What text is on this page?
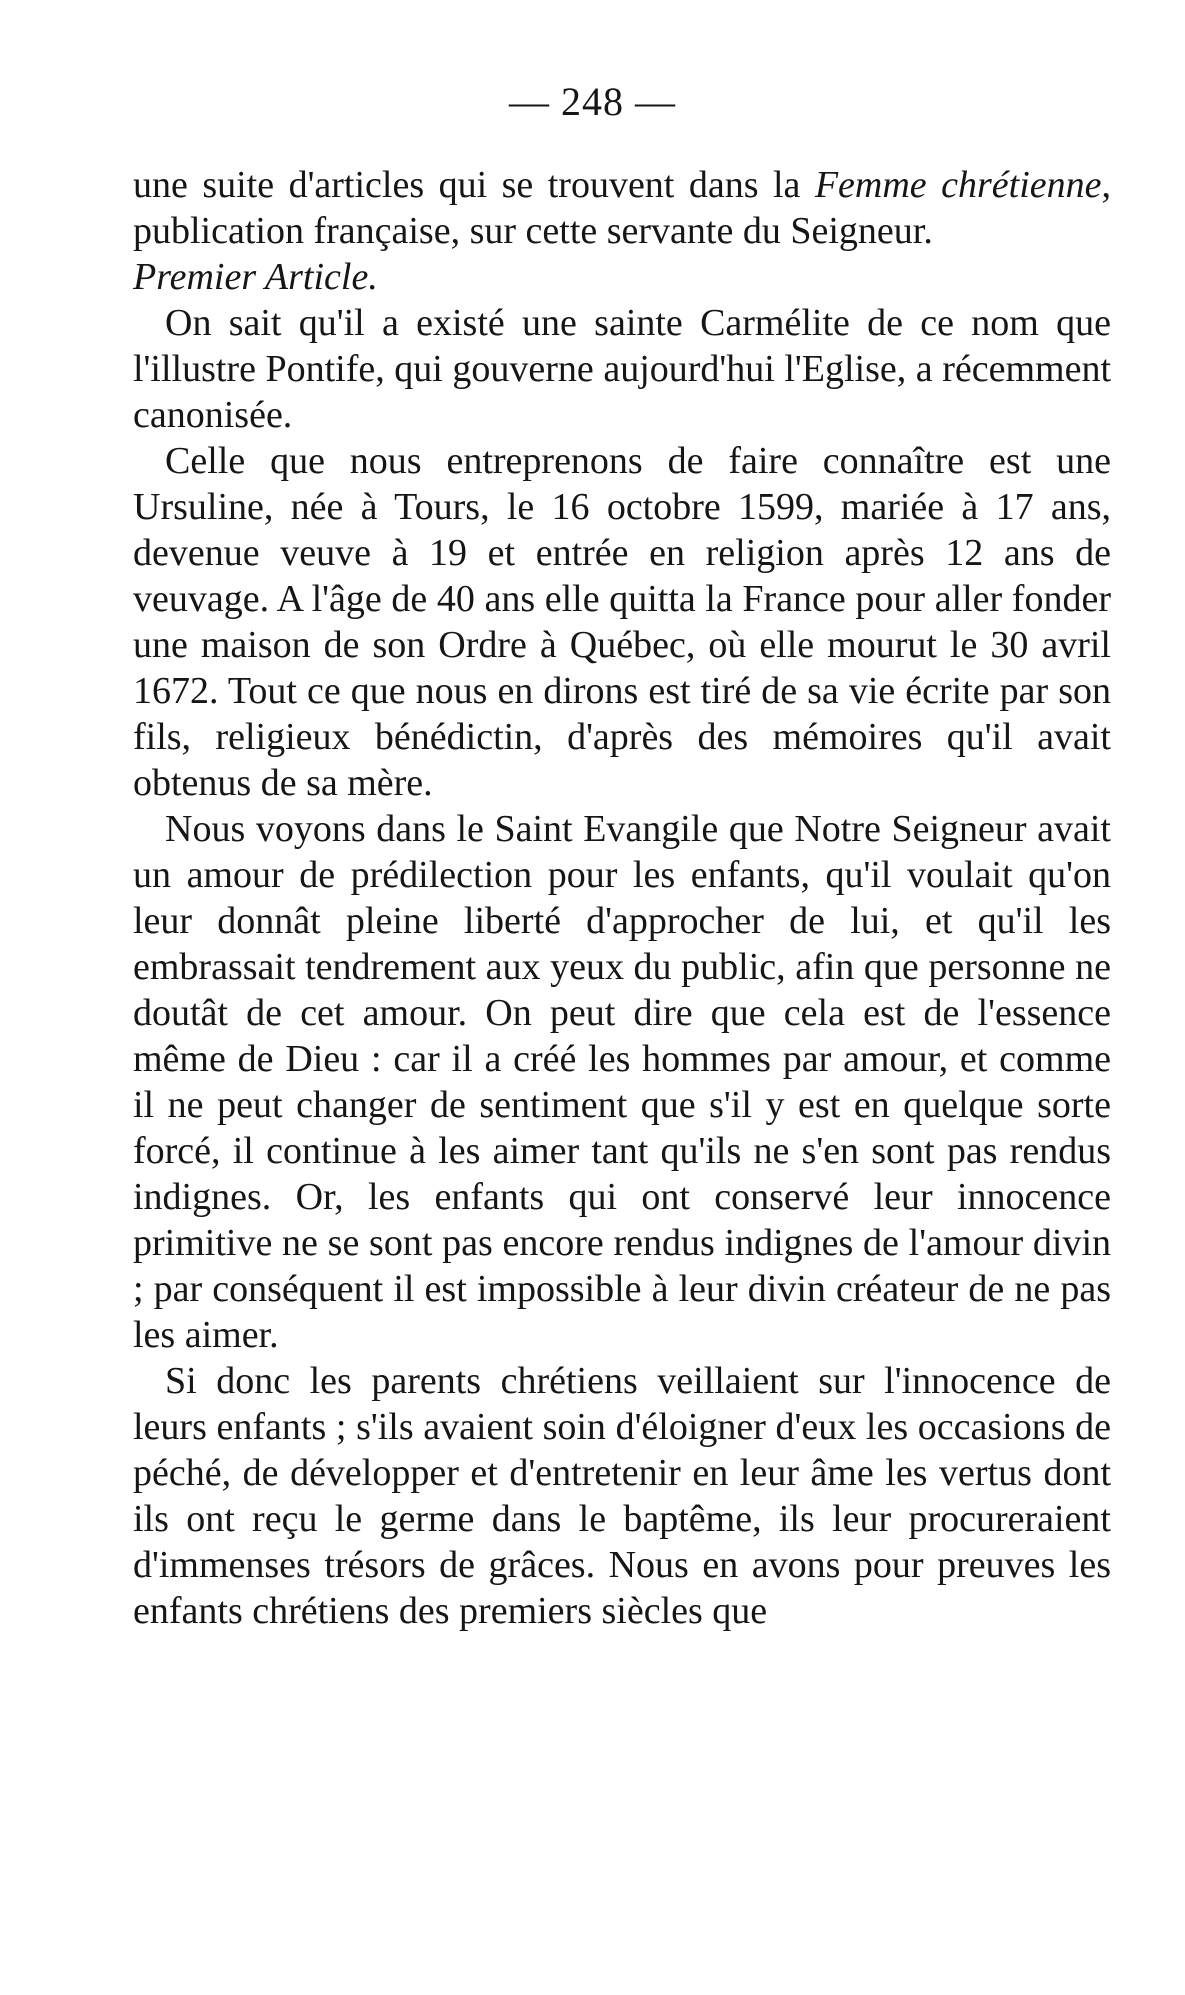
— 248 —

une suite d'articles qui se trouvent dans la Femme chrétienne, publication française, sur cette servante du Seigneur.

Premier Article.

On sait qu'il a existé une sainte Carmélite de ce nom que l'illustre Pontife, qui gouverne aujourd'hui l'Eglise, a récemment canonisée.

Celle que nous entreprenons de faire connaître est une Ursuline, née à Tours, le 16 octobre 1599, mariée à 17 ans, devenue veuve à 19 et entrée en religion après 12 ans de veuvage. A l'âge de 40 ans elle quitta la France pour aller fonder une maison de son Ordre à Québec, où elle mourut le 30 avril 1672. Tout ce que nous en dirons est tiré de sa vie écrite par son fils, religieux bénédictin, d'après des mémoires qu'il avait obtenus de sa mère.

Nous voyons dans le Saint Evangile que Notre Seigneur avait un amour de prédilection pour les enfants, qu'il voulait qu'on leur donnât pleine liberté d'approcher de lui, et qu'il les embrassait tendrement aux yeux du public, afin que personne ne doutât de cet amour. On peut dire que cela est de l'essence même de Dieu : car il a créé les hommes par amour, et comme il ne peut changer de sentiment que s'il y est en quelque sorte forcé, il continue à les aimer tant qu'ils ne s'en sont pas rendus indignes. Or, les enfants qui ont conservé leur innocence primitive ne se sont pas encore rendus indignes de l'amour divin ; par conséquent il est impossible à leur divin créateur de ne pas les aimer.

Si donc les parents chrétiens veillaient sur l'innocence de leurs enfants ; s'ils avaient soin d'éloigner d'eux les occasions de péché, de développer et d'entretenir en leur âme les vertus dont ils ont reçu le germe dans le baptême, ils leur procureraient d'immenses trésors de grâces. Nous en avons pour preuves les enfants chrétiens des premiers siècles que
